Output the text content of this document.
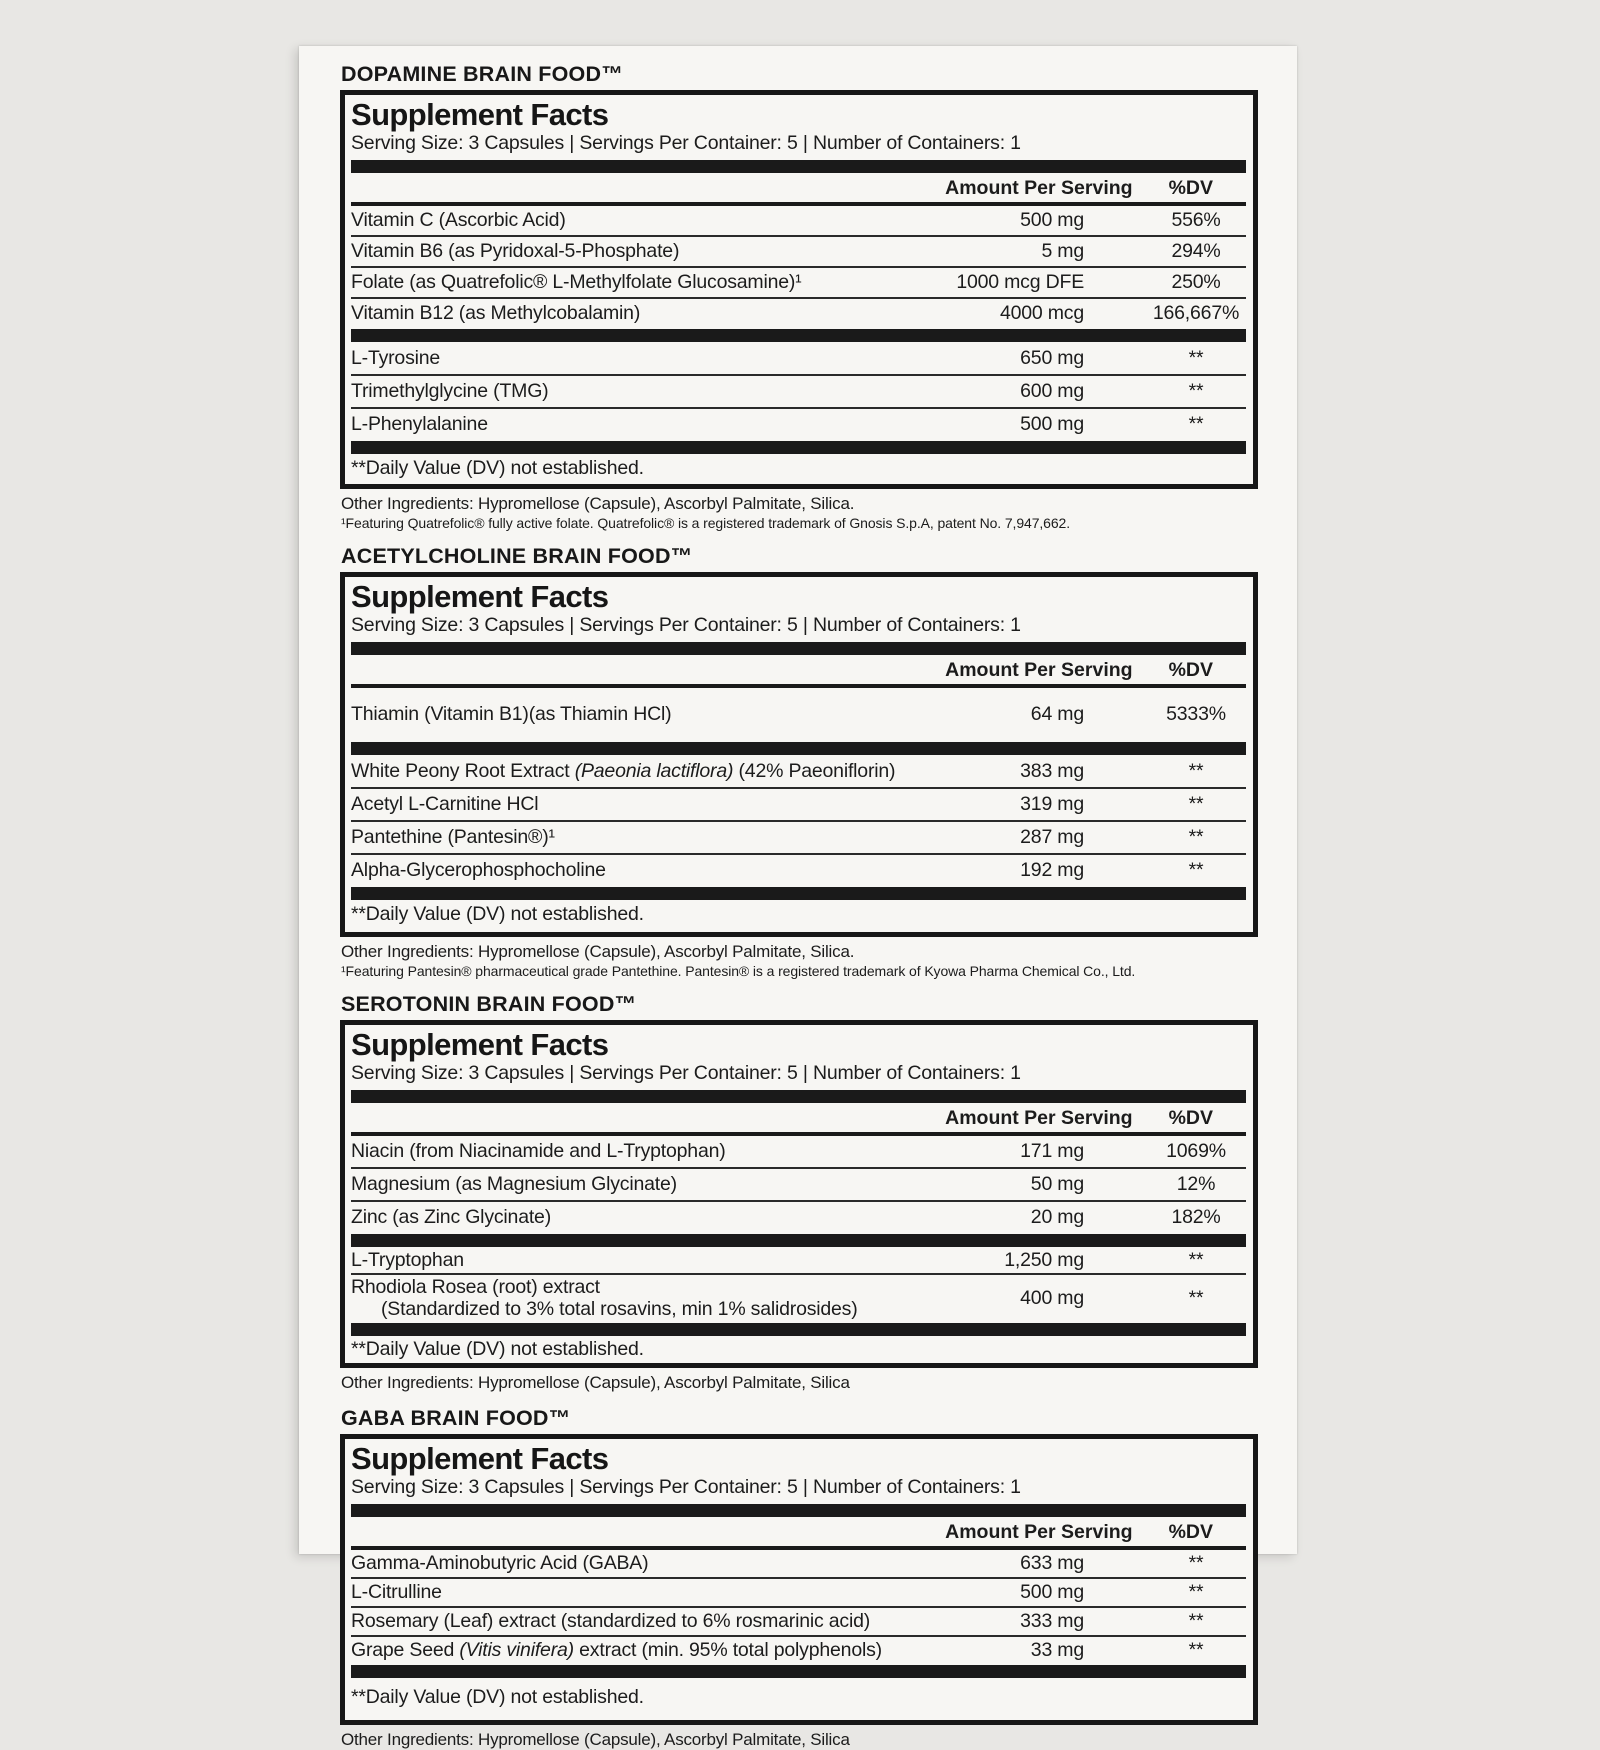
DOPAMINE BRAIN FOOD™
Supplement Facts
Serving Size: 3 Capsules | Servings Per Container: 5 | Number of Containers: 1
Amount Per Serving %DV
Vitamin C (Ascorbic Acid)	500 mg	556%
Vitamin B6 (as Pyridoxal-5-Phosphate)	5 mg	294%
Folate (as Quatrefolic® L-Methylfolate Glucosamine)¹	1000 mcg DFE	250%
Vitamin B12 (as Methylcobalamin)	4000 mcg	166,667%
L-Tyrosine	650 mg	**
Trimethylglycine (TMG)	600 mg	**
L-Phenylalanine	500 mg	**
**Daily Value (DV) not established.
Other Ingredients: Hypromellose (Capsule), Ascorbyl Palmitate, Silica.
¹Featuring Quatrefolic® fully active folate. Quatrefolic® is a registered trademark of Gnosis S.p.A, patent No. 7,947,662.
ACETYLCHOLINE BRAIN FOOD™
Supplement Facts
Serving Size: 3 Capsules | Servings Per Container: 5 | Number of Containers: 1
Amount Per Serving %DV
Thiamin (Vitamin B1)(as Thiamin HCl)	64 mg	5333%
White Peony Root Extract (Paeonia lactiflora) (42% Paeoniflorin)	383 mg	**
Acetyl L-Carnitine HCl	319 mg	**
Pantethine (Pantesin®)¹	287 mg	**
Alpha-Glycerophosphocholine	192 mg	**
**Daily Value (DV) not established.
Other Ingredients: Hypromellose (Capsule), Ascorbyl Palmitate, Silica.
¹Featuring Pantesin® pharmaceutical grade Pantethine. Pantesin® is a registered trademark of Kyowa Pharma Chemical Co., Ltd.
SEROTONIN BRAIN FOOD™
Supplement Facts
Serving Size: 3 Capsules | Servings Per Container: 5 | Number of Containers: 1
Amount Per Serving %DV
Niacin (from Niacinamide and L-Tryptophan)	171 mg	1069%
Magnesium (as Magnesium Glycinate)	50 mg	12%
Zinc (as Zinc Glycinate)	20 mg	182%
L-Tryptophan	1,250 mg	**
Rhodiola Rosea (root) extract
(Standardized to 3% total rosavins, min 1% salidrosides)
400 mg	**
**Daily Value (DV) not established.
Other Ingredients: Hypromellose (Capsule), Ascorbyl Palmitate, Silica
GABA BRAIN FOOD™
Supplement Facts
Serving Size: 3 Capsules | Servings Per Container: 5 | Number of Containers: 1
Amount Per Serving %DV
Gamma-Aminobutyric Acid (GABA)	633 mg	**
L-Citrulline	500 mg	**
Rosemary (Leaf) extract (standardized to 6% rosmarinic acid)	333 mg	**
Grape Seed (Vitis vinifera) extract (min. 95% total polyphenols)	33 mg	**
**Daily Value (DV) not established.
Other Ingredients: Hypromellose (Capsule), Ascorbyl Palmitate, Silica
